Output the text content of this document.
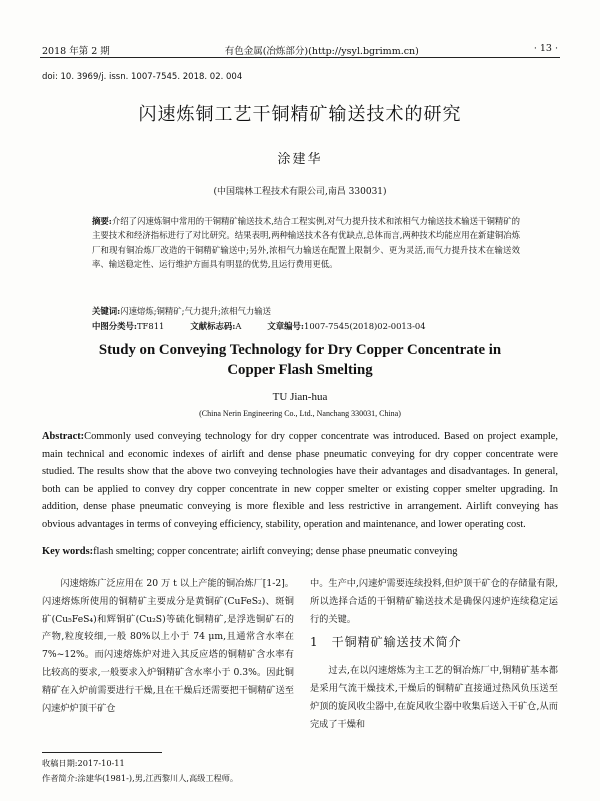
2018 年第 2 期	有色金属(冶炼部分)(http://ysyl.bgrimm.cn)	· 13 ·
doi: 10. 3969/j. issn. 1007-7545. 2018. 02. 004
闪速炼铜工艺干铜精矿输送技术的研究
涂建华
(中国瑞林工程技术有限公司,南昌 330031)
摘要:介绍了闪速炼铜中常用的干铜精矿输送技术,结合工程实例,对气力提升技术和浓相气力输送技术输送干铜精矿的主要技术和经济指标进行了对比研究。结果表明,两种输送技术各有优缺点,总体而言,两种技术均能应用在新建铜冶炼厂和现有铜冶炼厂改造的干铜精矿输送中;另外,浓相气力输送在配置上限制少、更为灵活,而气力提升技术在输送效率、输送稳定性、运行维护方面具有明显的优势,且运行费用更低。
关键词:闪速熔炼;铜精矿;气力提升;浓相气力输送
中图分类号:TF811	文献标志码:A	文章编号:1007-7545(2018)02-0013-04
Study on Conveying Technology for Dry Copper Concentrate in
Copper Flash Smelting
TU Jian-hua
(China Nerin Engineering Co., Ltd., Nanchang 330031, China)
Abstract:Commonly used conveying technology for dry copper concentrate was introduced. Based on project example, main technical and economic indexes of airlift and dense phase pneumatic conveying for dry copper concentrate were studied. The results show that the above two conveying technologies have their advantages and disadvantages. In general, both can be applied to convey dry copper concentrate in new copper smelter or existing copper smelter upgrading. In addition, dense phase pneumatic conveying is more flexible and less restrictive in arrangement. Airlift conveying has obvious advantages in terms of conveying efficiency, stability, operation and maintenance, and lower operating cost.
Key words:flash smelting; copper concentrate; airlift conveying; dense phase pneumatic conveying
闪速熔炼广泛应用在 20 万 t 以上产能的铜冶炼厂[1-2]。闪速熔炼所使用的铜精矿主要成分是黄铜矿(CuFeS₂)、斑铜矿(Cu₅FeS₄)和辉铜矿(Cu₂S)等硫化铜精矿,是浮选铜矿石的产物,粒度较细,一般 80%以上小于 74 μm,且通常含水率在 7%~12%。而闪速熔炼炉对进入其反应塔的铜精矿含水率有比较高的要求,一般要求入炉铜精矿含水率小于 0.3%。因此铜精矿在入炉前需要进行干燥,且在干燥后还需要把干铜精矿送至闪速炉炉顶干矿仓
中。生产中,闪速炉需要连续投料,但炉顶干矿仓的存储量有限,所以选择合适的干铜精矿输送技术是确保闪速炉连续稳定运行的关键。
1　干铜精矿输送技术简介
过去,在以闪速熔炼为主工艺的铜冶炼厂中,铜精矿基本都是采用气流干燥技术,干燥后的铜精矿直接通过热风负压送至炉顶的旋风收尘器中,在旋风收尘器中收集后送入干矿仓,从而完成了干燥和
收稿日期:2017-10-11
作者简介:涂建华(1981-),男,江西黎川人,高级工程师。
